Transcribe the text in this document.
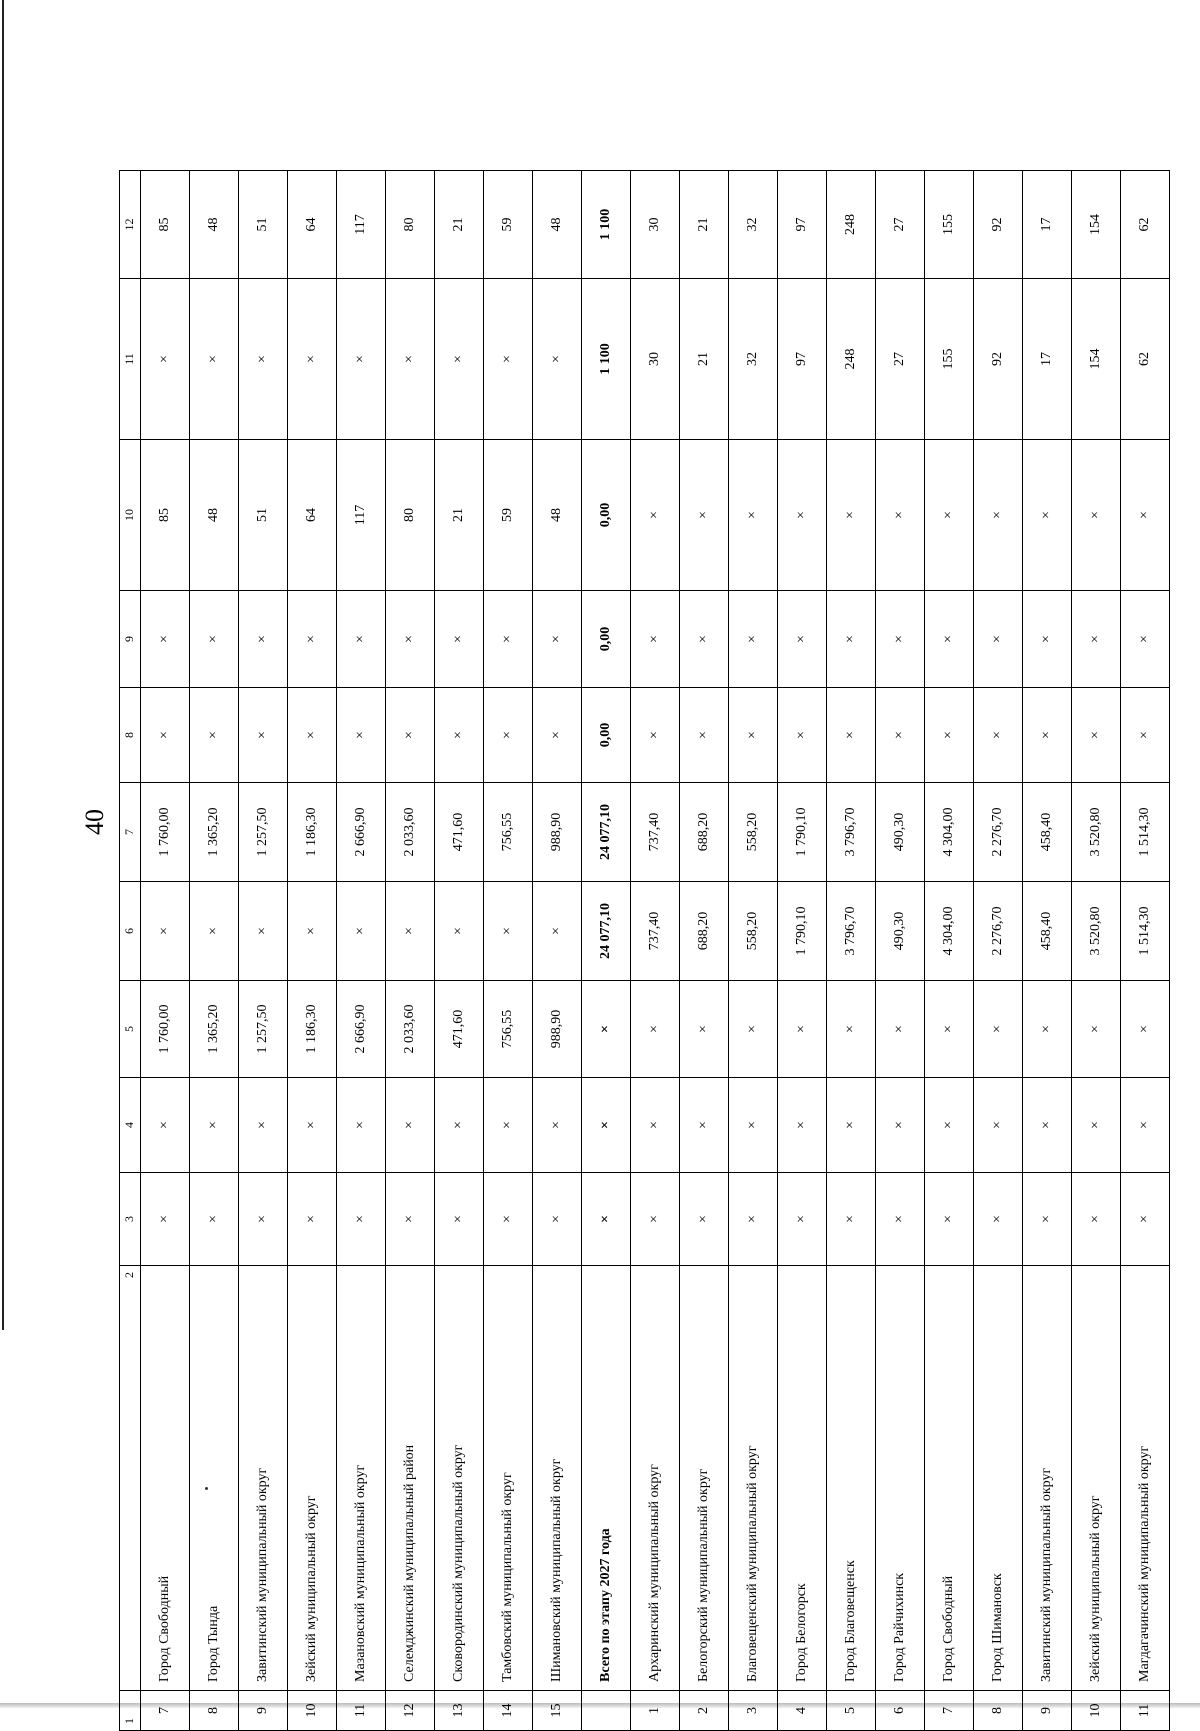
40
1	2	3	4	5	6	7	8	9	10	11	12
7	Город Свободный	×	×	1 760,00	×	1 760,00	×	×	85	×	85
8	Город Тында	×	×	1 365,20	×	1 365,20	×	×	48	×	48
9	Завитинский муниципальный округ	×	×	1 257,50	×	1 257,50	×	×	51	×	51
10	Зейский муниципальный округ	×	×	1 186,30	×	1 186,30	×	×	64	×	64
11	Мазановский муниципальный округ	×	×	2 666,90	×	2 666,90	×	×	117	×	117
12	Селемджинский муниципальный район	×	×	2 033,60	×	2 033,60	×	×	80	×	80
13	Сковородинский муниципальный округ	×	×	471,60	×	471,60	×	×	21	×	21
14	Тамбовский муниципальный округ	×	×	756,55	×	756,55	×	×	59	×	59
15	Шимановский муниципальный округ	×	×	988,90	×	988,90	×	×	48	×	48
	Всего по этапу 2027 года	×	×	×	24 077,10	24 077,10	0,00	0,00	0,00	1 100	1 100
1	Архаринский муниципальный округ	×	×	×	737,40	737,40	×	×	×	30	30
2	Белогорский муниципальный округ	×	×	×	688,20	688,20	×	×	×	21	21
3	Благовещенский муниципальный округ	×	×	×	558,20	558,20	×	×	×	32	32
4	Город Белогорск	×	×	×	1 790,10	1 790,10	×	×	×	97	97
5	Город Благовещенск	×	×	×	3 796,70	3 796,70	×	×	×	248	248
6	Город Райчихинск	×	×	×	490,30	490,30	×	×	×	27	27
7	Город Свободный	×	×	×	4 304,00	4 304,00	×	×	×	155	155
8	Город Шимановск	×	×	×	2 276,70	2 276,70	×	×	×	92	92
9	Завитинский муниципальный округ	×	×	×	458,40	458,40	×	×	×	17	17
10	Зейский муниципальный округ	×	×	×	3 520,80	3 520,80	×	×	×	154	154
11	Магдагачинский муниципальный округ	×	×	×	1 514,30	1 514,30	×	×	×	62	62
